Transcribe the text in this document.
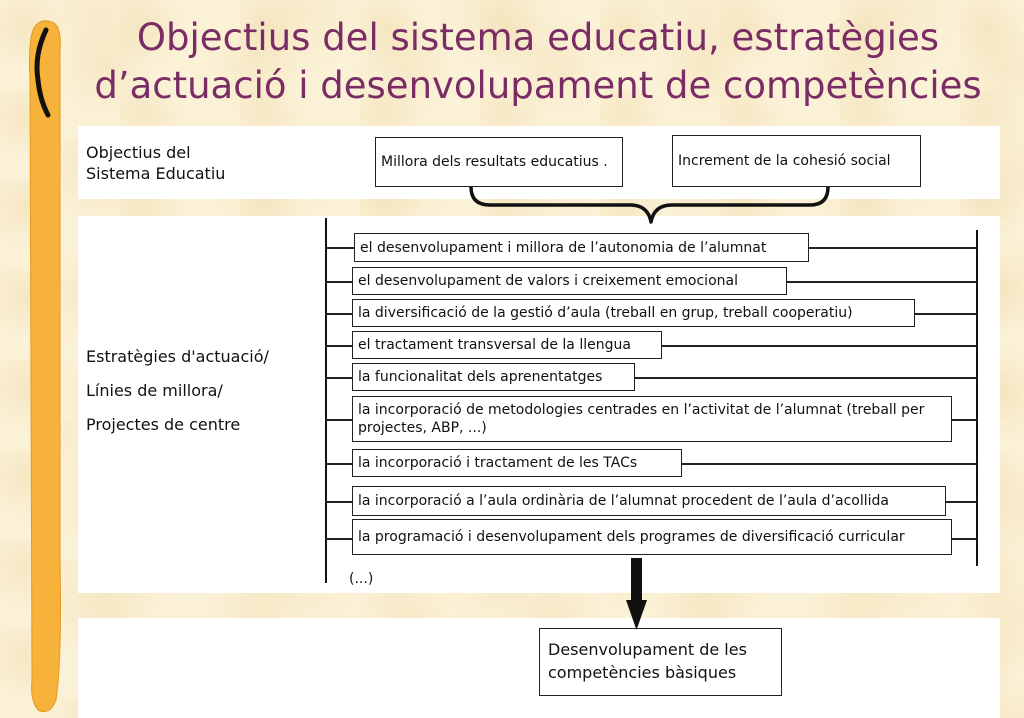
Objectius del sistema educatiu, estratègies
d’actuació i desenvolupament de competències
Objectius del
Sistema Educatiu
Millora dels resultats educatius .	Increment de la cohesió social
Estratègies d'actuació/
Línies de millora/
Projectes de centre
el desenvolupament i millora de l’autonomia de l’alumnat
el desenvolupament de valors i creixement emocional
la diversificació de la gestió d’aula (treball en grup, treball cooperatiu)
el tractament transversal de la llengua
la funcionalitat dels aprenentatges
la incorporació de metodologies centrades en l’activitat de l’alumnat (treball per projectes, ABP, ...)
la incorporació i tractament de les TACs
la incorporació a l’aula ordinària de l’alumnat procedent de l’aula d’acollida
la programació i desenvolupament dels programes de diversificació curricular
(...)
Desenvolupament de les
competències bàsiques
